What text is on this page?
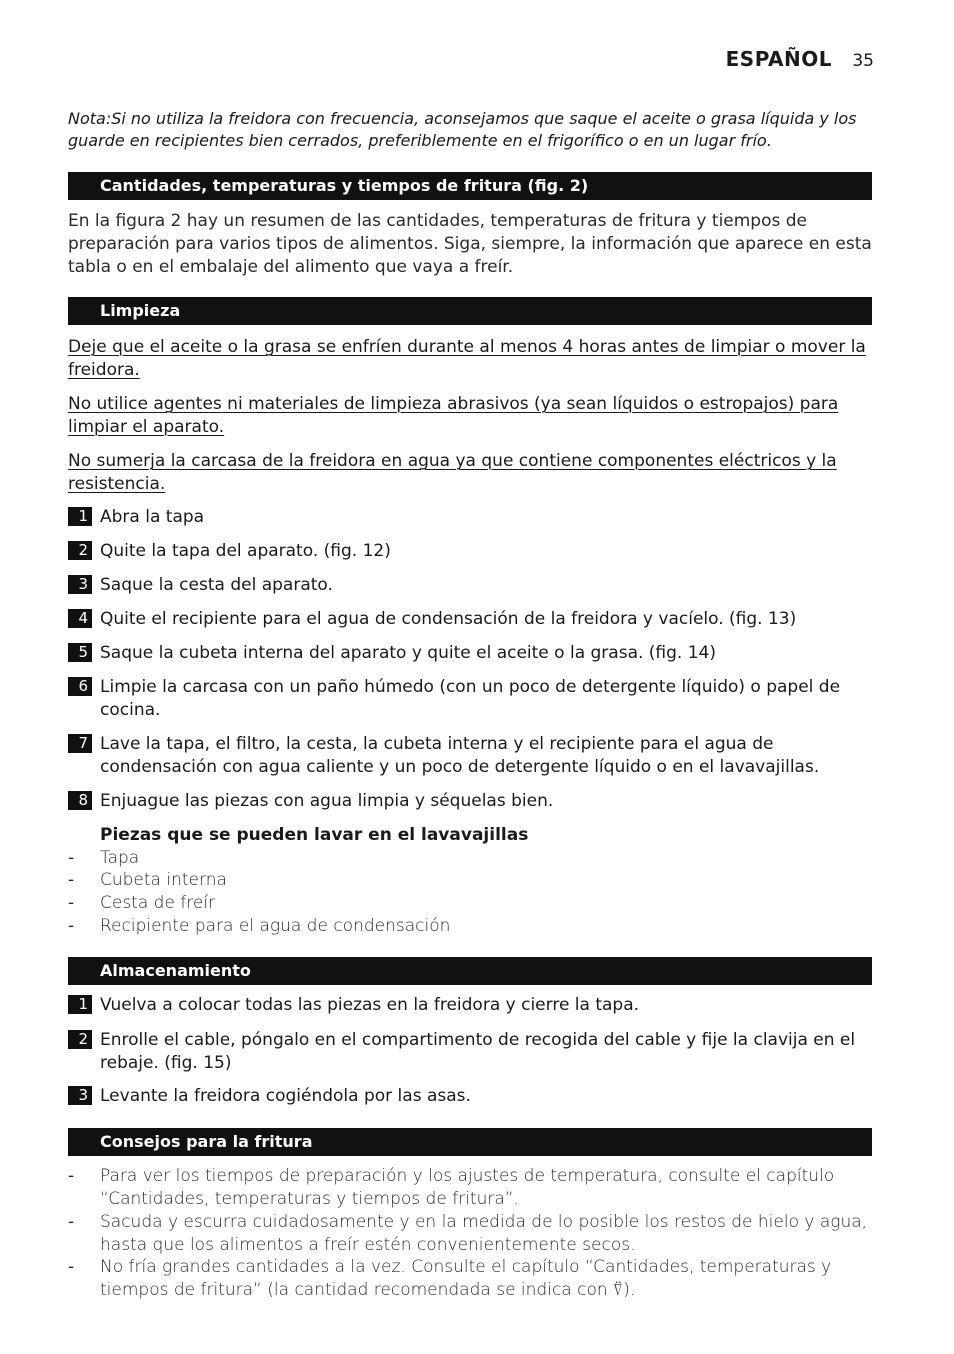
ESPAÑOL 35
Nota:Si no utiliza la freidora con frecuencia, aconsejamos que saque el aceite o grasa líquida y los guarde en recipientes bien cerrados, preferiblemente en el frigorífico o en un lugar frío.
Cantidades, temperaturas y tiempos de fritura (fig. 2)
En la figura 2 hay un resumen de las cantidades, temperaturas de fritura y tiempos de preparación para varios tipos de alimentos. Siga, siempre, la información que aparece en esta tabla o en el embalaje del alimento que vaya a freír.
Limpieza
Deje que el aceite o la grasa se enfríen durante al menos 4 horas antes de limpiar o mover la freidora.
No utilice agentes ni materiales de limpieza abrasivos (ya sean líquidos o estropajos) para limpiar el aparato.
No sumerja la carcasa de la freidora en agua ya que contiene componentes eléctricos y la resistencia.
1 Abra la tapa
2 Quite la tapa del aparato. (fig. 12)
3 Saque la cesta del aparato.
4 Quite el recipiente para el agua de condensación de la freidora y vacíelo. (fig. 13)
5 Saque la cubeta interna del aparato y quite el aceite o la grasa. (fig. 14)
6 Limpie la carcasa con un paño húmedo (con un poco de detergente líquido) o papel de cocina.
7 Lave la tapa, el filtro, la cesta, la cubeta interna y el recipiente para el agua de condensación con agua caliente y un poco de detergente líquido o en el lavavajillas.
8 Enjuague las piezas con agua limpia y séquelas bien.
Piezas que se pueden lavar en el lavavajillas
-	Tapa
-	Cubeta interna
-	Cesta de freír
-	Recipiente para el agua de condensación
Almacenamiento
1 Vuelva a colocar todas las piezas en la freidora y cierre la tapa.
2 Enrolle el cable, póngalo en el compartimento de recogida del cable y fije la clavija en el rebaje. (fig. 15)
3 Levante la freidora cogiéndola por las asas.
Consejos para la fritura
-	Para ver los tiempos de preparación y los ajustes de temperatura, consulte el capítulo “Cantidades, temperaturas y tiempos de fritura”.
-	Sacuda y escurra cuidadosamente y en la medida de lo posible los restos de hielo y agua, hasta que los alimentos a freír estén convenientemente secos.
-	No fría grandes cantidades a la vez. Consulte el capítulo “Cantidades, temperaturas y tiempos de fritura” (la cantidad recomendada se indica con ⍢).
